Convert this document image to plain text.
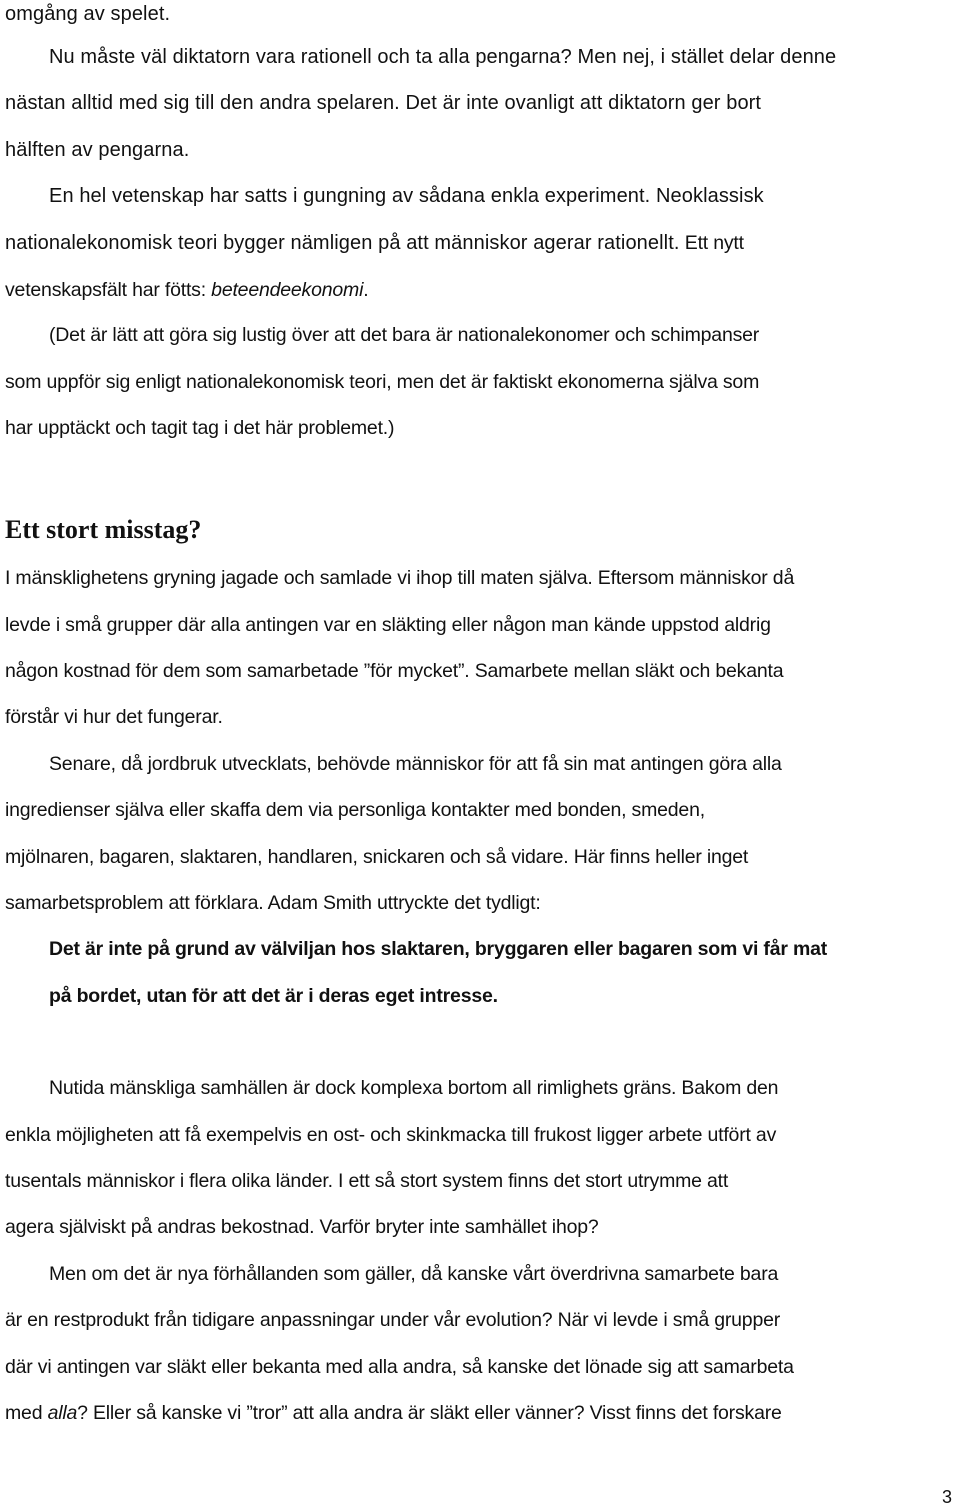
omgång av spelet.

Nu måste väl diktatorn vara rationell och ta alla pengarna? Men nej, i stället delar denne

nästan alltid med sig till den andra spelaren. Det är inte ovanligt att diktatorn ger bort

hälften av pengarna.

En hel vetenskap har satts i gungning av sådana enkla experiment. Neoklassisk

nationalekonomisk teori bygger nämligen på att människor agerar rationellt. Ett nytt

vetenskapsfält har fötts: beteendeekonomi.

(Det är lätt att göra sig lustig över att det bara är nationalekonomer och schimpanser

som uppför sig enligt nationalekonomisk teori, men det är faktiskt ekonomerna själva som

har upptäckt och tagit tag i det här problemet.)

Ett stort misstag?

I mänsklighetens gryning jagade och samlade vi ihop till maten själva. Eftersom människor då

levde i små grupper där alla antingen var en släkting eller någon man kände uppstod aldrig

någon kostnad för dem som samarbetade ”för mycket”. Samarbete mellan släkt och bekanta

förstår vi hur det fungerar.

Senare, då jordbruk utvecklats, behövde människor för att få sin mat antingen göra alla

ingredienser själva eller skaffa dem via personliga kontakter med bonden, smeden,

mjölnaren, bagaren, slaktaren, handlaren, snickaren och så vidare. Här finns heller inget

samarbetsproblem att förklara. Adam Smith uttryckte det tydligt:

Det är inte på grund av välviljan hos slaktaren, bryggaren eller bagaren som vi får mat

på bordet, utan för att det är i deras eget intresse.

Nutida mänskliga samhällen är dock komplexa bortom all rimlighets gräns. Bakom den

enkla möjligheten att få exempelvis en ost- och skinkmacka till frukost ligger arbete utfört av

tusentals människor i flera olika länder. I ett så stort system finns det stort utrymme att

agera själviskt på andras bekostnad. Varför bryter inte samhället ihop?

Men om det är nya förhållanden som gäller, då kanske vårt överdrivna samarbete bara

är en restprodukt från tidigare anpassningar under vår evolution? När vi levde i små grupper

där vi antingen var släkt eller bekanta med alla andra, så kanske det lönade sig att samarbeta

med alla? Eller så kanske vi ”tror” att alla andra är släkt eller vänner? Visst finns det forskare

3
